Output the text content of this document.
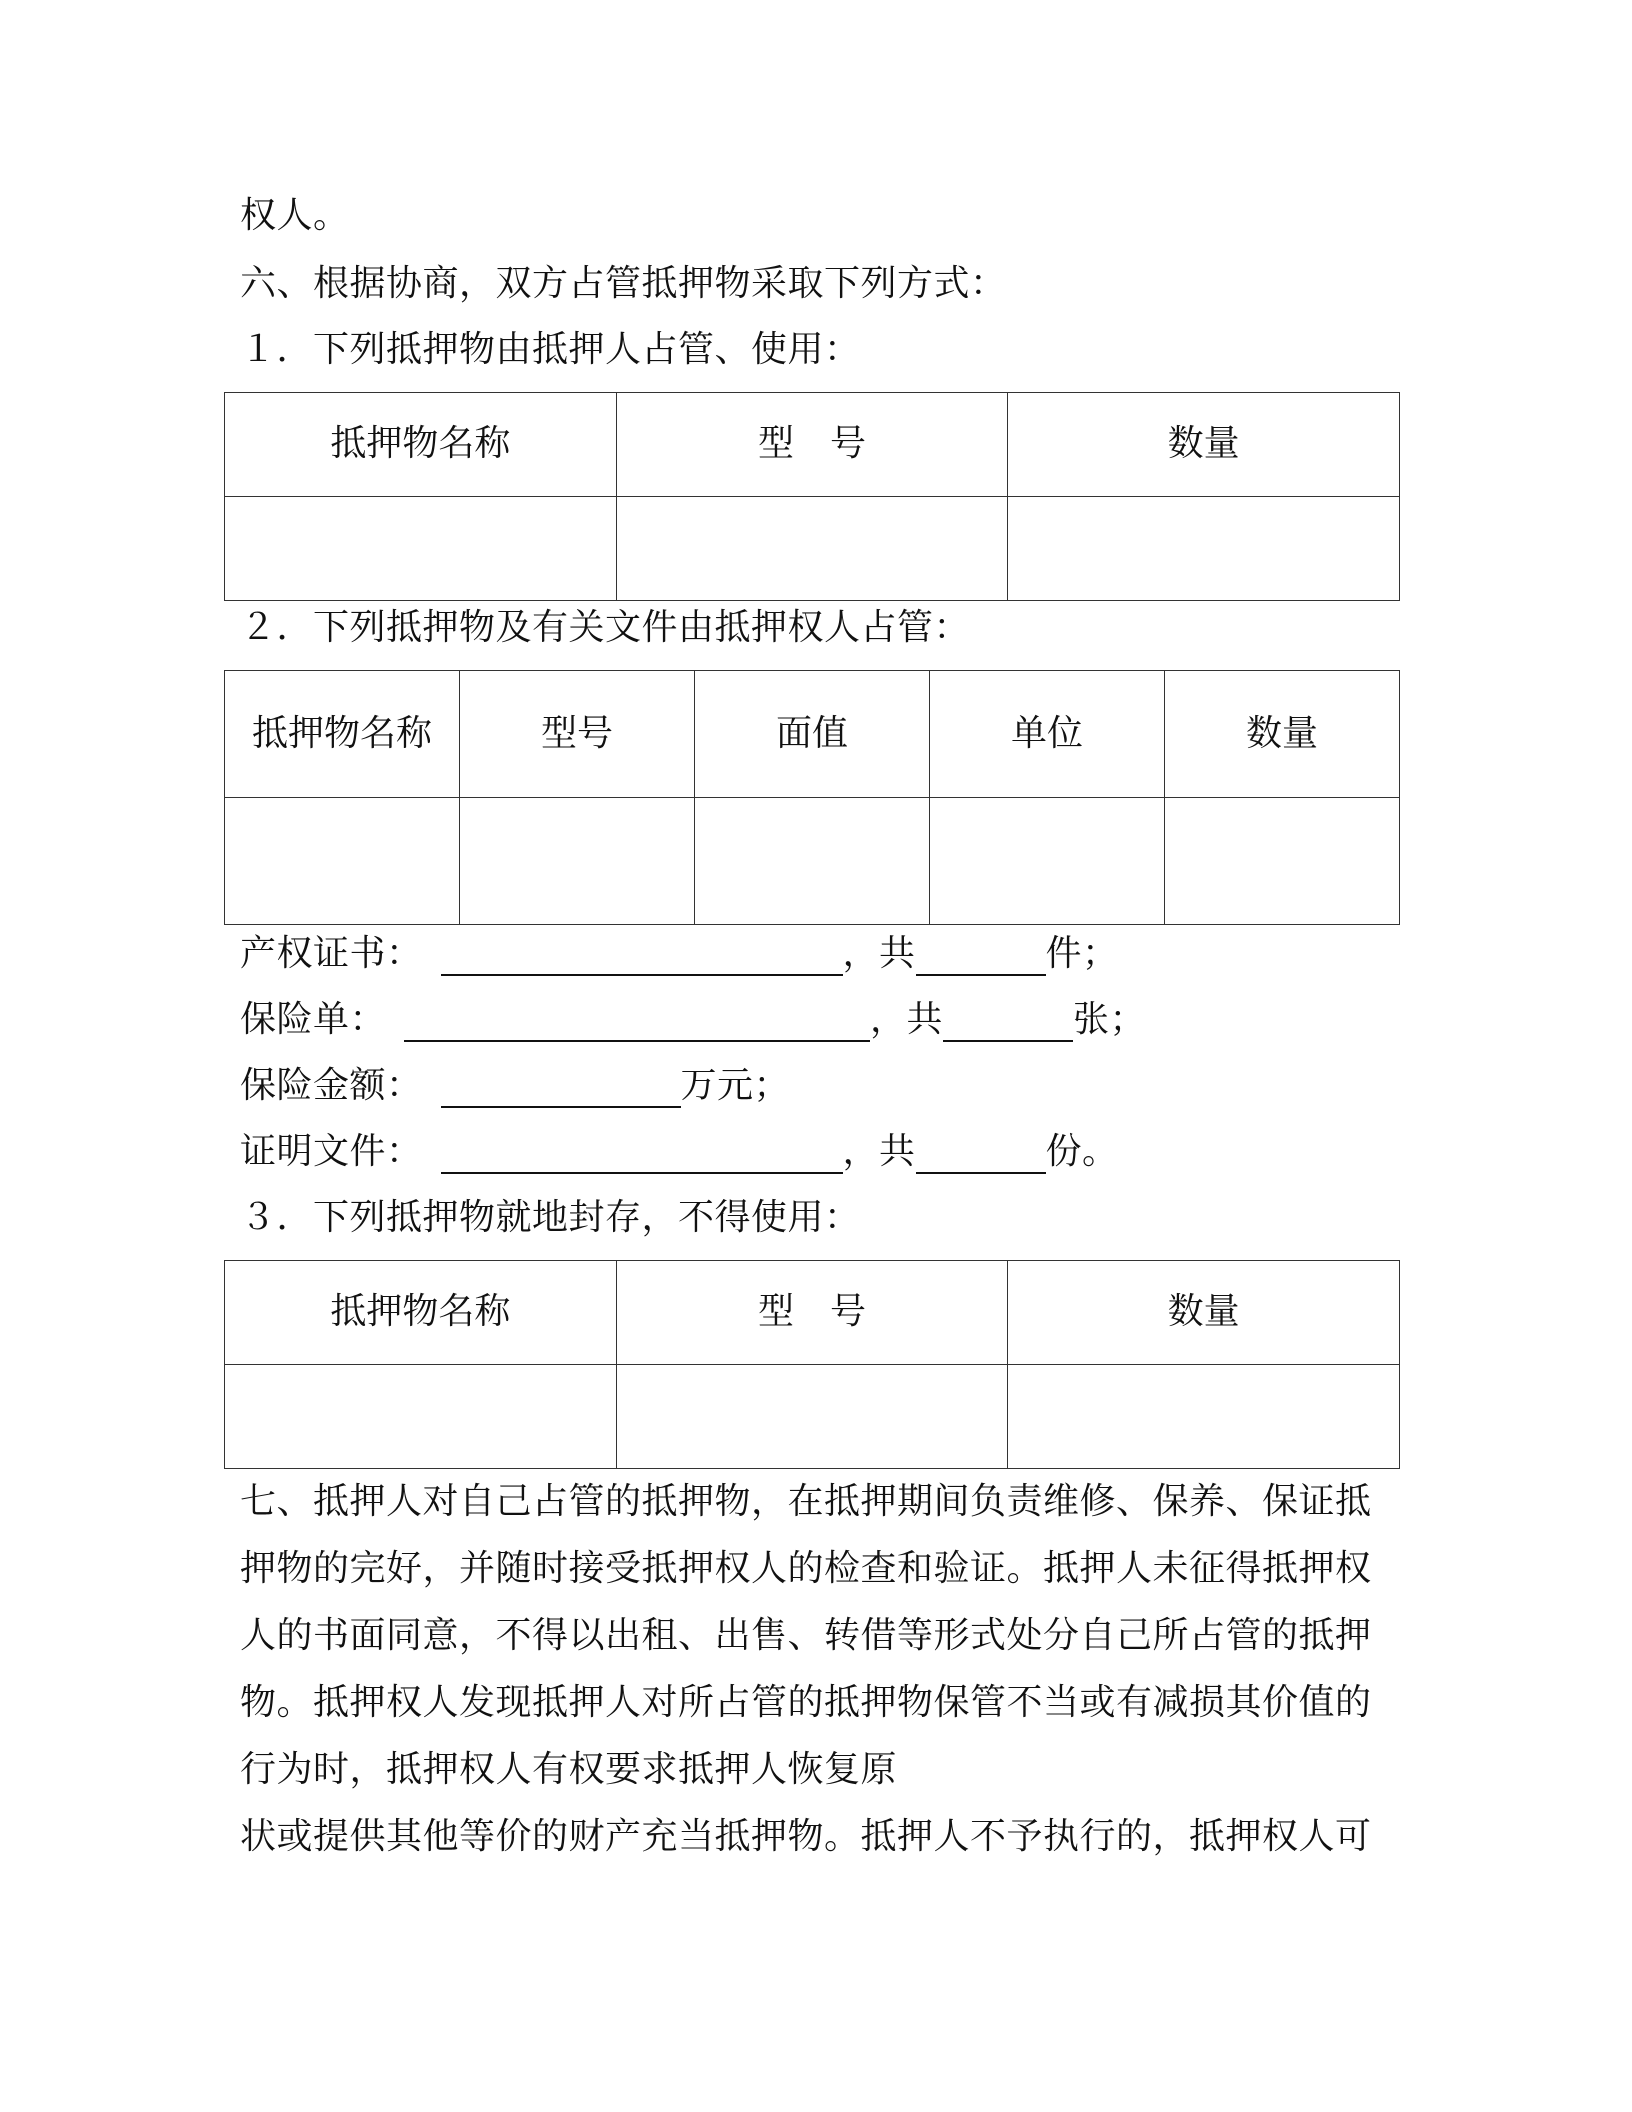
权人。
六、根据协商，双方占管抵押物采取下列方式：
１．下列抵押物由抵押人占管、使用：
抵押物名称	型　号	数量

２．下列抵押物及有关文件由抵押权人占管：
抵押物名称	型号	面值	单位	数量

产权证书：	，共	件；
保险单：	，共	张；
保险金额：	万元；
证明文件：	，共	份。
３．下列抵押物就地封存，不得使用：
抵押物名称	型　号	数量

七、抵押人对自己占管的抵押物，在抵押期间负责维修、保养、保证抵
押物的完好，并随时接受抵押权人的检查和验证。抵押人未征得抵押权
人的书面同意，不得以出租、出售、转借等形式处分自己所占管的抵押
物。抵押权人发现抵押人对所占管的抵押物保管不当或有减损其价值的
行为时，抵押权人有权要求抵押人恢复原
状或提供其他等价的财产充当抵押物。抵押人不予执行的，抵押权人可
